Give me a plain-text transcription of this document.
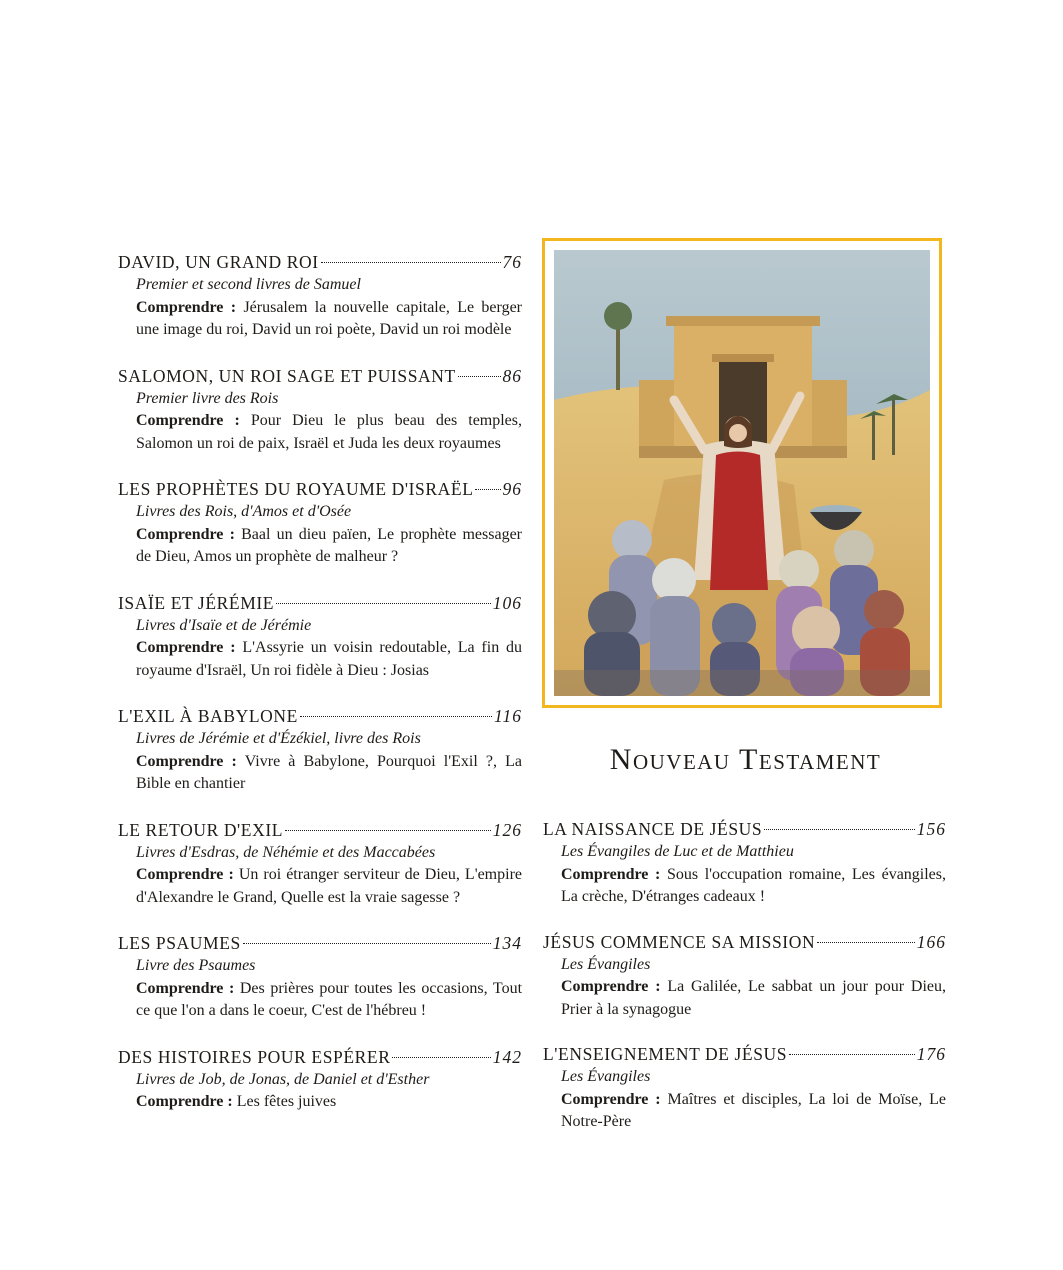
DAVID, UN GRAND ROI	76
Premier et second livres de Samuel
Comprendre : Jérusalem la nouvelle capitale, Le berger une image du roi, David un roi poète, David un roi modèle
SALOMON, UN ROI SAGE ET PUISSANT	86
Premier livre des Rois
Comprendre : Pour Dieu le plus beau des temples, Salomon un roi de paix, Israël et Juda les deux royaumes
LES PROPHÈTES DU ROYAUME D'ISRAËL 96
Livres des Rois, d'Amos et d'Osée
Comprendre : Baal un dieu païen, Le prophète messager de Dieu, Amos un prophète de malheur ?
ISAÏE ET JÉRÉMIE	106
Livres d'Isaïe et de Jérémie
Comprendre : L'Assyrie un voisin redoutable, La fin du royaume d'Israël, Un roi fidèle à Dieu : Josias
L'EXIL À BABYLONE	116
Livres de Jérémie et d'Ézékiel, livre des Rois
Comprendre : Vivre à Babylone, Pourquoi l'Exil ?, La Bible en chantier
LE RETOUR D'EXIL	126
Livres d'Esdras, de Néhémie et des Maccabées
Comprendre : Un roi étranger serviteur de Dieu, L'empire d'Alexandre le Grand, Quelle est la vraie sagesse ?
LES PSAUMES	134
Livre des Psaumes
Comprendre : Des prières pour toutes les occasions, Tout ce que l'on a dans le coeur, C'est de l'hébreu !
DES HISTOIRES POUR ESPÉRER	142
Livres de Job, de Jonas, de Daniel et d'Esther
Comprendre : Les fêtes juives
Nouveau Testament
LA NAISSANCE DE JÉSUS	156
Les Évangiles de Luc et de Matthieu
Comprendre : Sous l'occupation romaine, Les évangiles, La crèche, D'étranges cadeaux !
JÉSUS COMMENCE SA MISSION	166
Les Évangiles
Comprendre : La Galilée, Le sabbat un jour pour Dieu, Prier à la synagogue
L'ENSEIGNEMENT DE JÉSUS	176
Les Évangiles
Comprendre : Maîtres et disciples, La loi de Moïse, Le Notre-Père
